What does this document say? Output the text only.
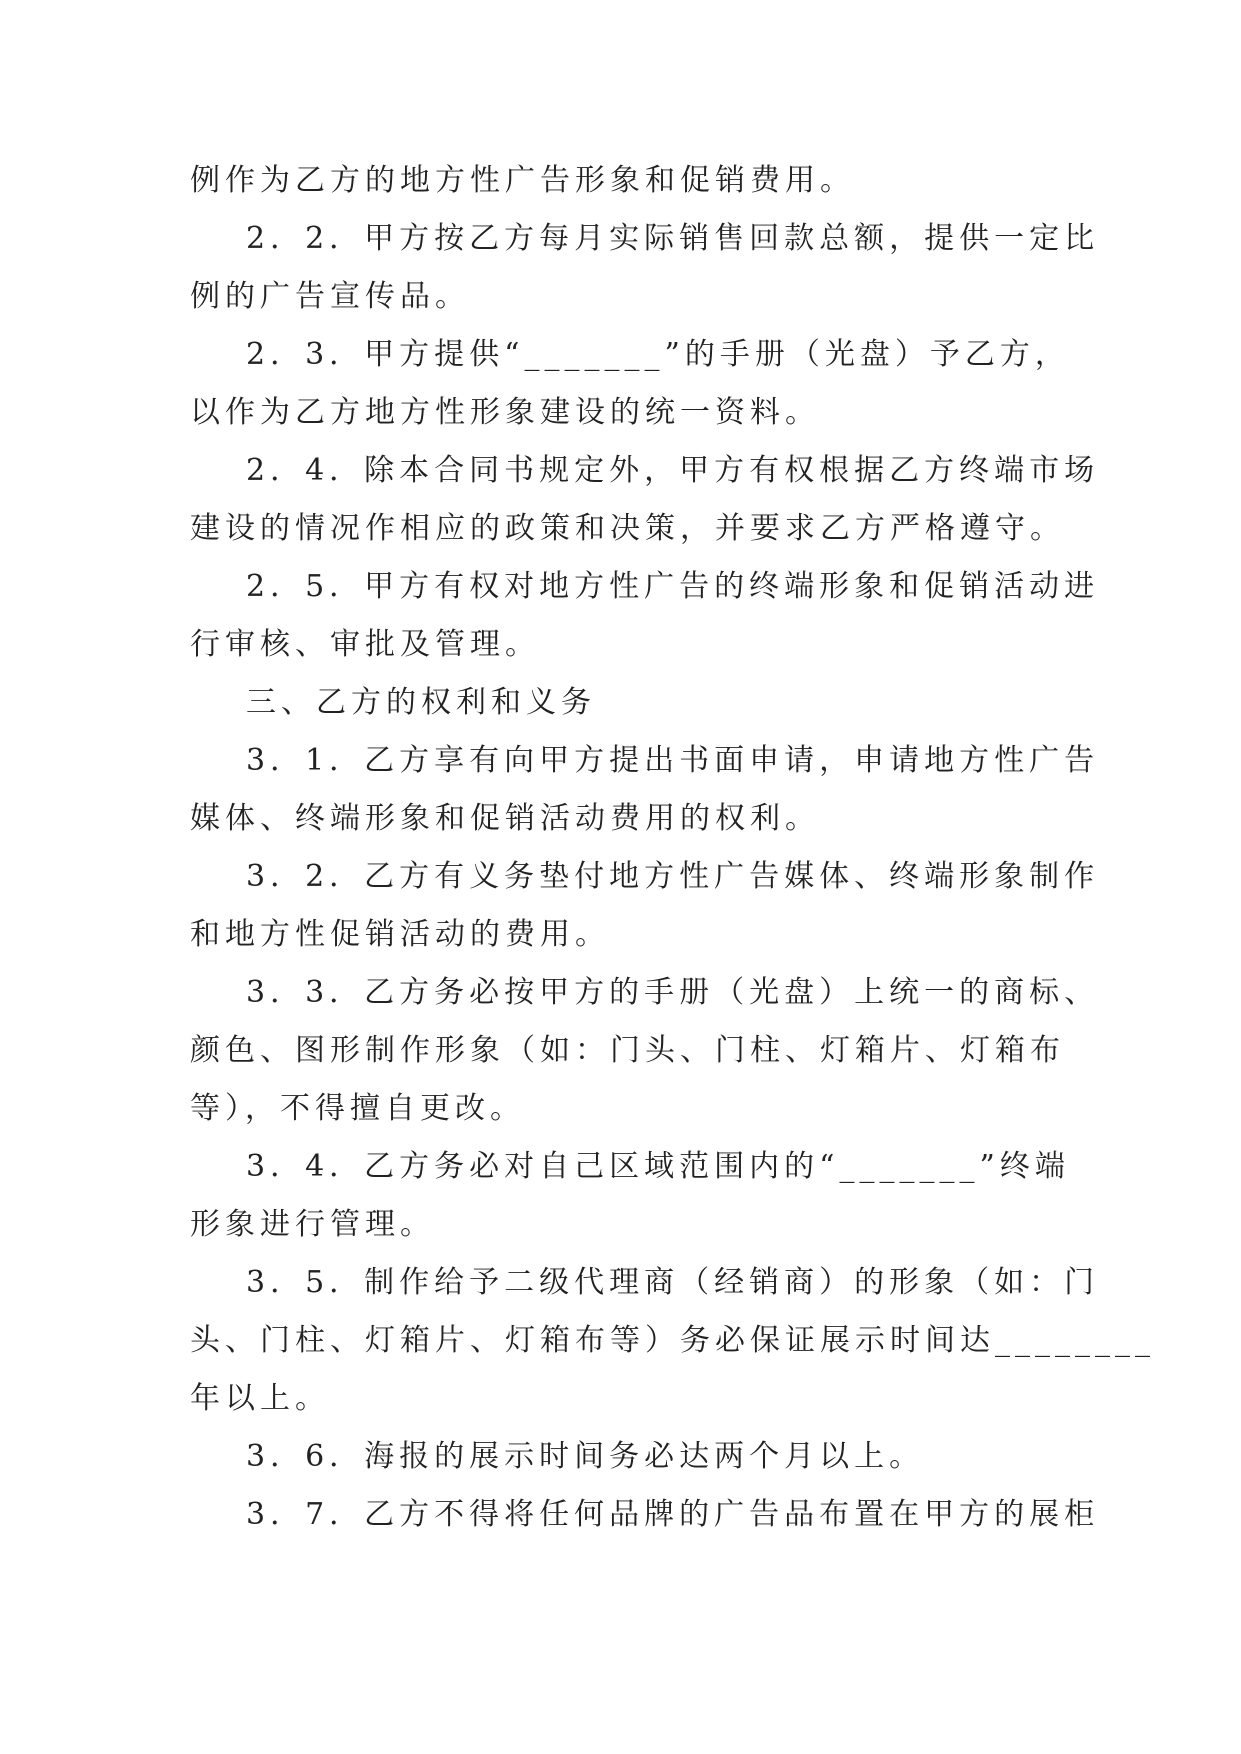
例作为乙方的地方性广告形象和促销费用。
2．2．甲方按乙方每月实际销售回款总额，提供一定比
例的广告宣传品。
2．3．甲方提供“_______”的手册（光盘）予乙方，
以作为乙方地方性形象建设的统一资料。
2．4．除本合同书规定外，甲方有权根据乙方终端市场
建设的情况作相应的政策和决策，并要求乙方严格遵守。
2．5．甲方有权对地方性广告的终端形象和促销活动进
行审核、审批及管理。
三、乙方的权利和义务
3．1．乙方享有向甲方提出书面申请，申请地方性广告
媒体、终端形象和促销活动费用的权利。
3．2．乙方有义务垫付地方性广告媒体、终端形象制作
和地方性促销活动的费用。
3．3．乙方务必按甲方的手册（光盘）上统一的商标、
颜色、图形制作形象（如：门头、门柱、灯箱片、灯箱布
等），不得擅自更改。
3．4．乙方务必对自己区域范围内的“_______”终端
形象进行管理。
3．5．制作给予二级代理商（经销商）的形象（如：门
头、门柱、灯箱片、灯箱布等）务必保证展示时间达________
年以上。
3．6．海报的展示时间务必达两个月以上。
3．7．乙方不得将任何品牌的广告品布置在甲方的展柜
